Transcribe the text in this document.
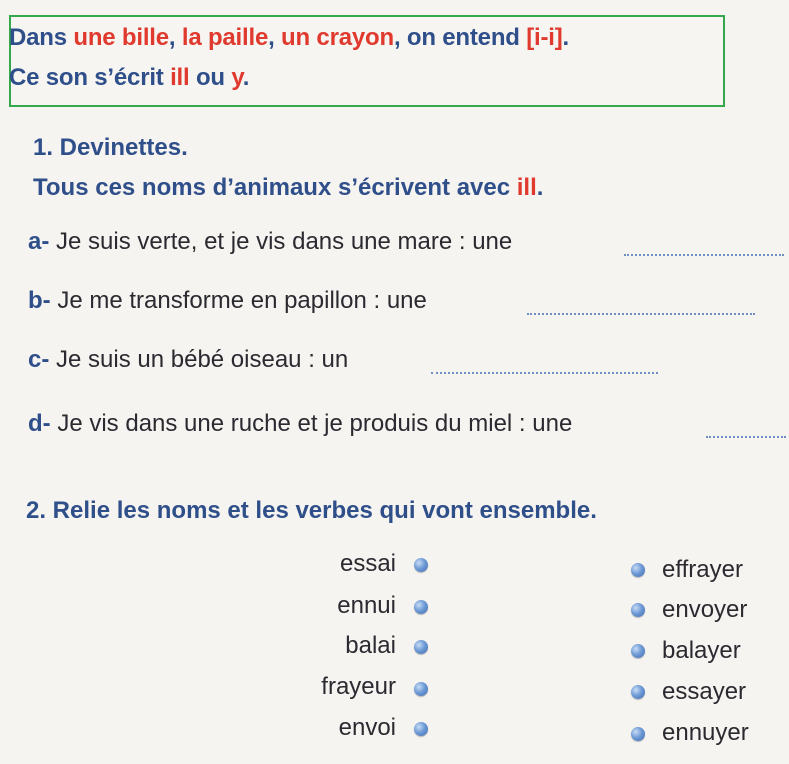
Dans une bille, la paille, un crayon, on entend [i-i].
Ce son s’écrit ill ou y.
1. Devinettes.
Tous ces noms d’animaux s’écrivent avec ill.
a- Je suis verte, et je vis dans une mare : une
b- Je me transforme en papillon : une
c- Je suis un bébé oiseau : un
d- Je vis dans une ruche et je produis du miel : une
2. Relie les noms et les verbes qui vont ensemble.
essai
ennui
balai
frayeur
envoi
effrayer
envoyer
balayer
essayer
ennuyer
